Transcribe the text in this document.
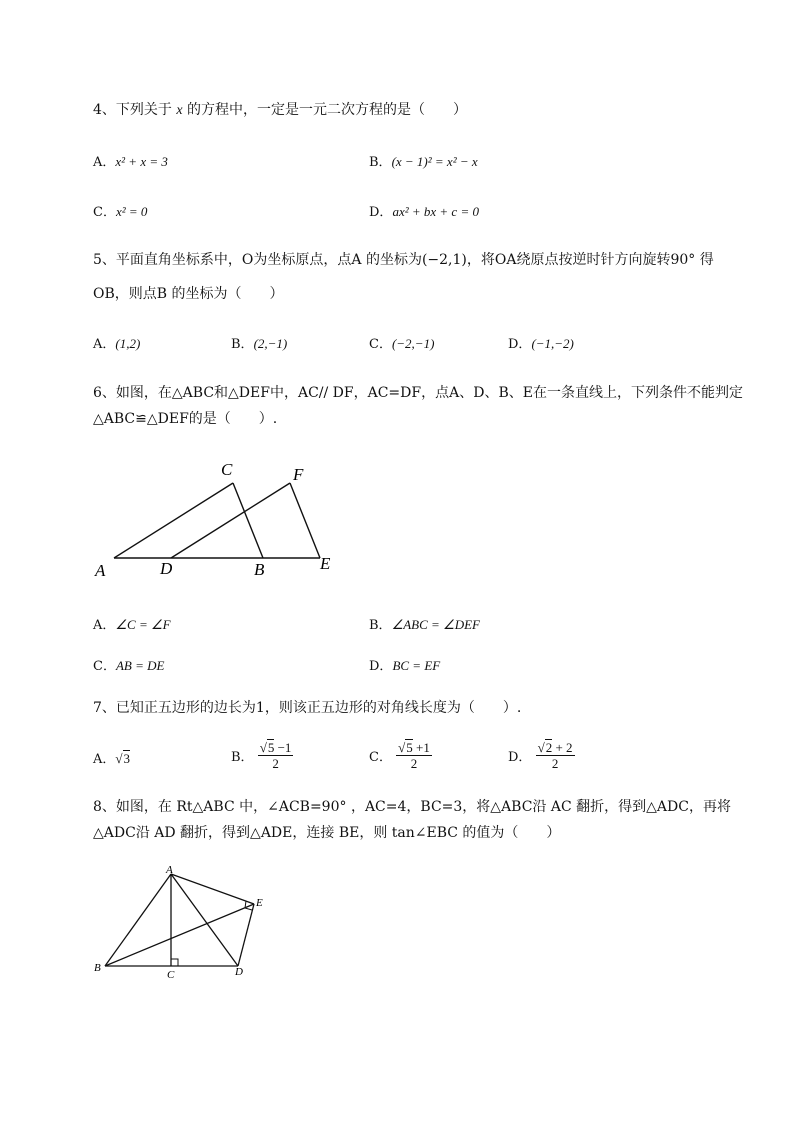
4、下列关于 x 的方程中，一定是一元二次方程的是（　　）
A．x² + x = 3	B．(x − 1)² = x² − x
C．x² = 0	D．ax² + bx + c = 0
5、平面直角坐标系中，O为坐标原点，点A 的坐标为(−2,1)，将OA绕原点按逆时针方向旋转90° 得
OB，则点B 的坐标为（　　）
A．(1,2)	B．(2,−1)	C．(−2,−1)	D．(−1,−2)
6、如图，在△ABC和△DEF中，AC// DF，AC=DF，点A、D、B、E在一条直线上，下列条件不能判定
△ABC≌△DEF的是（　　）.
A	D	B	E
C	F
A．∠C = ∠F	B．∠ABC = ∠DEF
C．AB = DE	D．BC = EF
7、已知正五边形的边长为1，则该正五边形的对角线长度为（　　）.
A．√3	B． $\frac{√5 -1}{2}$	C． $\frac{√5 +1}{2}$	D． $\frac{√2 + 2}{2}$
8、如图，在 Rt△ABC 中，∠ACB=90° ，AC=4，BC=3，将△ABC沿 AC 翻折，得到△ADC，再将
△ADC沿 AD 翻折，得到△ADE，连接 BE，则 tan∠EBC 的值为（　　）
A
B
C	D
E
